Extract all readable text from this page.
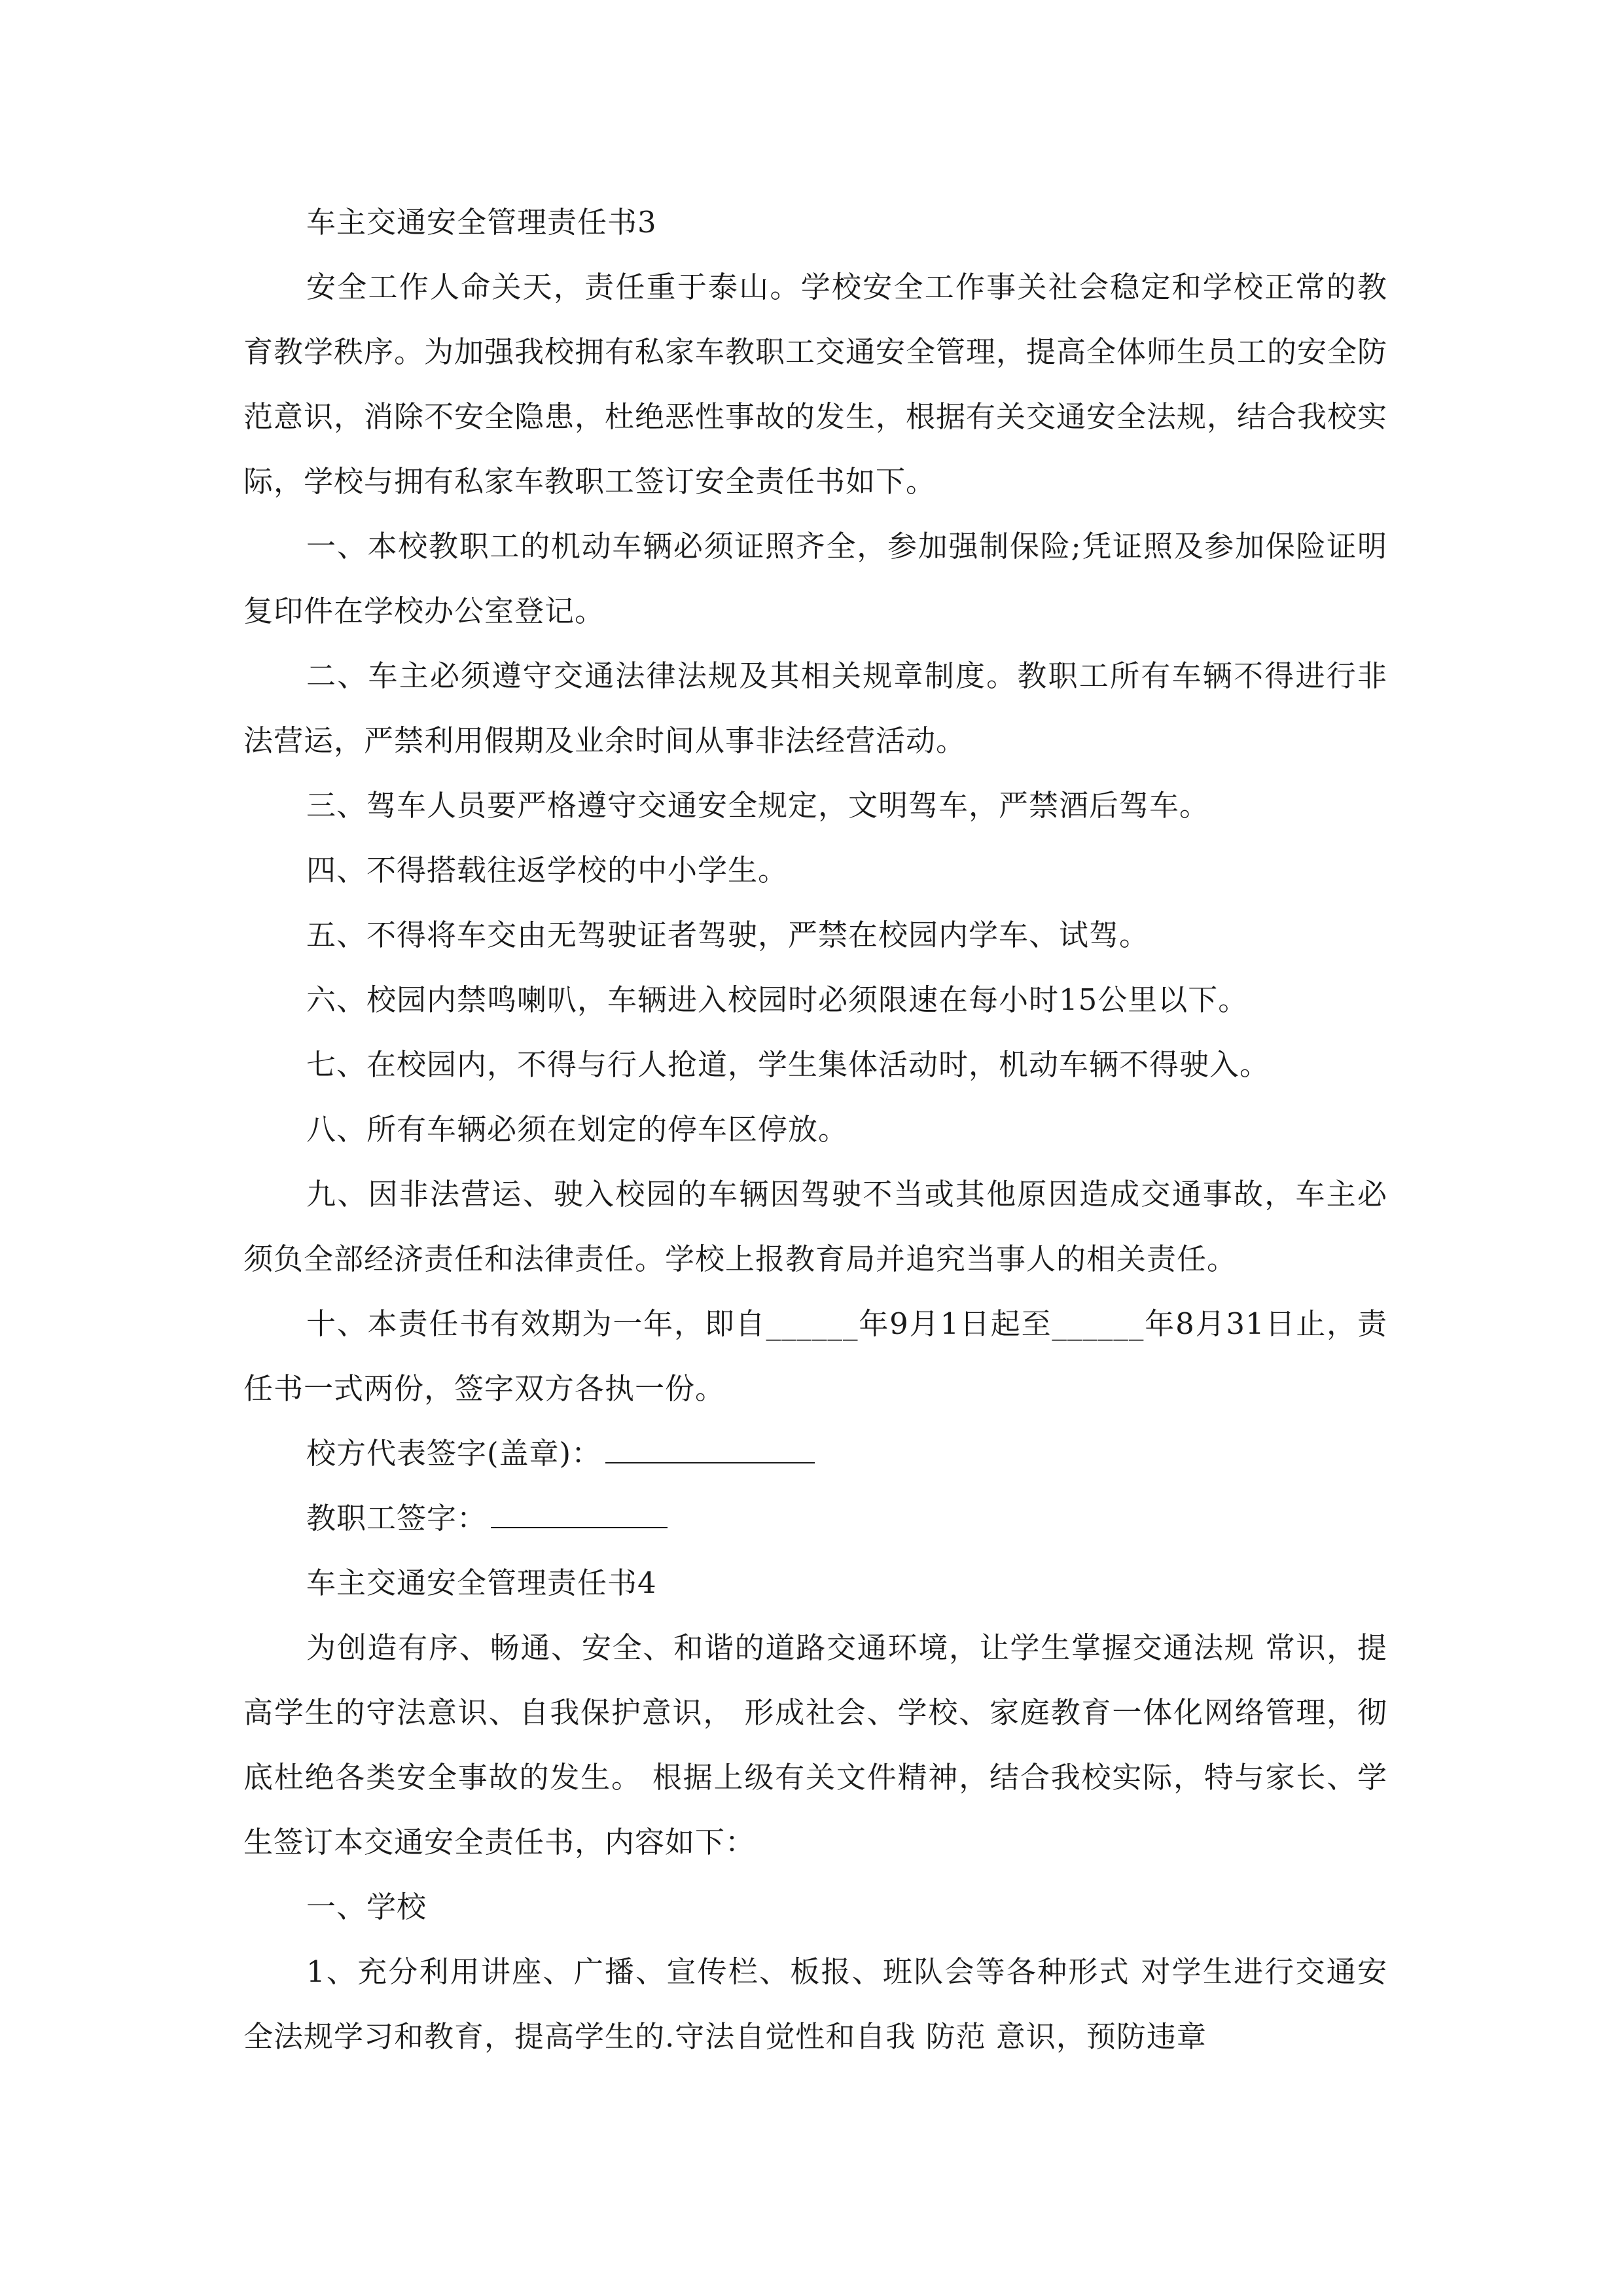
车主交通安全管理责任书3

安全工作人命关天，责任重于泰山。学校安全工作事关社会稳定和学校正常的教育教学秩序。为加强我校拥有私家车教职工交通安全管理，提高全体师生员工的安全防范意识，消除不安全隐患，杜绝恶性事故的发生，根据有关交通安全法规，结合我校实际，学校与拥有私家车教职工签订安全责任书如下。

一、本校教职工的机动车辆必须证照齐全，参加强制保险;凭证照及参加保险证明复印件在学校办公室登记。

二、车主必须遵守交通法律法规及其相关规章制度。教职工所有车辆不得进行非法营运，严禁利用假期及业余时间从事非法经营活动。

三、驾车人员要严格遵守交通安全规定，文明驾车，严禁酒后驾车。

四、不得搭载往返学校的中小学生。

五、不得将车交由无驾驶证者驾驶，严禁在校园内学车、试驾。

六、校园内禁鸣喇叭，车辆进入校园时必须限速在每小时15公里以下。

七、在校园内，不得与行人抢道，学生集体活动时，机动车辆不得驶入。

八、所有车辆必须在划定的停车区停放。

九、因非法营运、驶入校园的车辆因驾驶不当或其他原因造成交通事故，车主必须负全部经济责任和法律责任。学校上报教育局并追究当事人的相关责任。

十、本责任书有效期为一年，即自______年9月1日起至______年8月31日止，责任书一式两份，签字双方各执一份。

校方代表签字(盖章)：

教职工签字：

车主交通安全管理责任书4

为创造有序、畅通、安全、和谐的道路交通环境，让学生掌握交通法规 常识，提高学生的守法意识、自我保护意识， 形成社会、学校、家庭教育一体化网络管理，彻底杜绝各类安全事故的发生。 根据上级有关文件精神，结合我校实际，特与家长、学生签订本交通安全责任书，内容如下：

一、学校

1、充分利用讲座、广播、宣传栏、板报、班队会等各种形式 对学生进行交通安全法规学习和教育，提高学生的.守法自觉性和自我 防范 意识，预防违章
